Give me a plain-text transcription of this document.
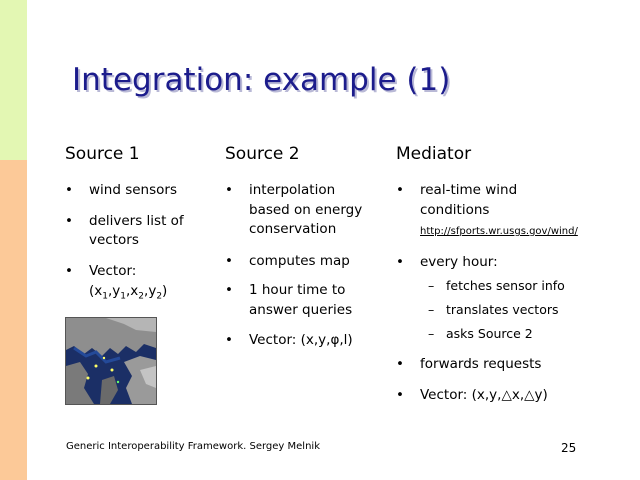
Integration: example (1)
Source 1
•	wind sensors
•	delivers list of
vectors
•	Vector:
$(x_1,y_1,x_2,y_2)$
Source 2
•	interpolation
based on energy
conservation
•	computes map
•	1 hour time to
answer queries
•	Vector: (x,y,φ,l)
Mediator
•	real-time wind
conditions
http://sfports.wr.usgs.gov/wind/
•	every hour:
– fetches sensor info
– translates vectors
– asks Source 2
•	forwards requests
•	Vector: (x,y,△x,△y)
Generic Interoperability Framework. Sergey Melnik	25
